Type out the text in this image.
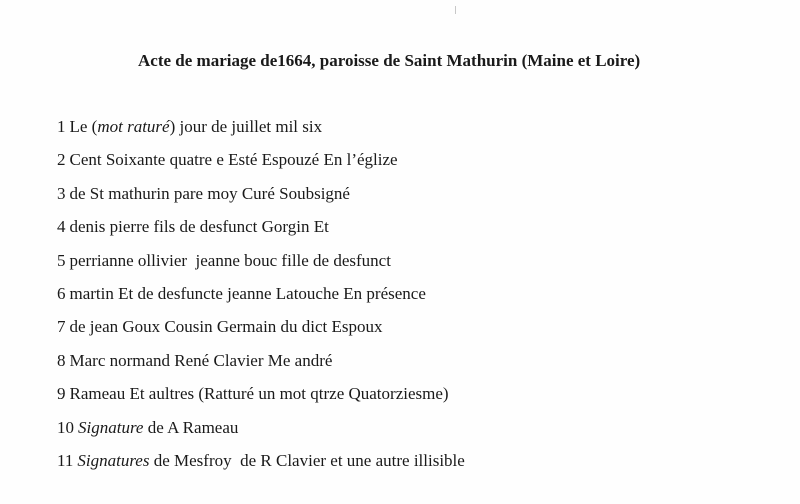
Acte de mariage de1664, paroisse de Saint Mathurin (Maine et Loire)
1 Le (mot raturé) jour de juillet mil six
2 Cent Soixante quatre e Esté Espouzé En l’églize
3 de St mathurin pare moy Curé Soubsigné
4 denis pierre fils de desfunct Gorgin Et
5 perrianne ollivier  jeanne bouc fille de desfunct
6 martin Et de desfuncte jeanne Latouche En présence
7 de jean Goux Cousin Germain du dict Espoux
8 Marc normand René Clavier Me andré
9 Rameau Et aultres (Ratturé un mot qtrze Quatorziesme)
10 Signature de A Rameau
11 Signatures de Mesfroy  de R Clavier et une autre illisible
